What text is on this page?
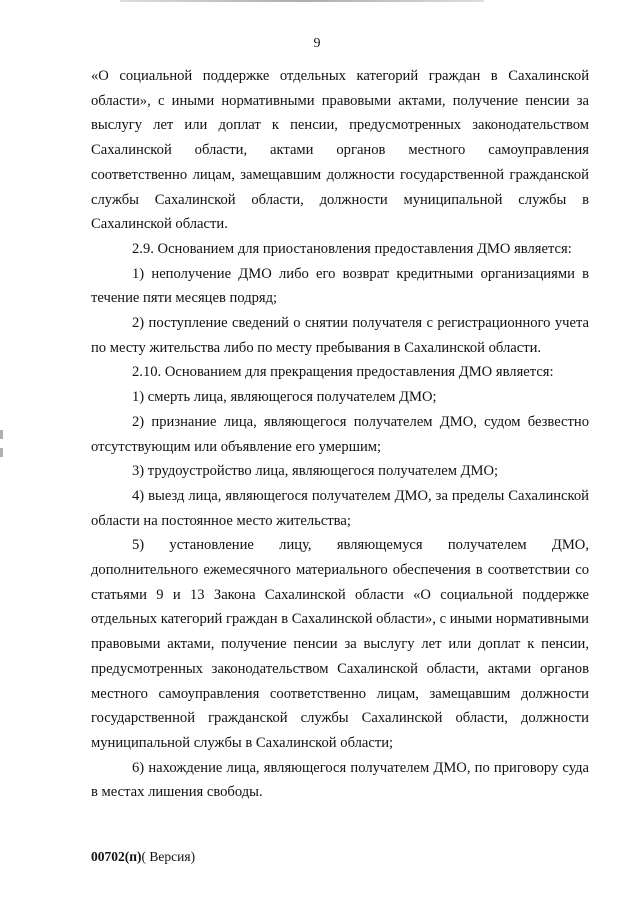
9

«О социальной поддержке отдельных категорий граждан в Сахалинской области», с иными нормативными правовыми актами, получение пенсии за выслугу лет или доплат к пенсии, предусмотренных законодательством Сахалинской области, актами органов местного самоуправления соответственно лицам, замещавшим должности государственной гражданской службы Сахалинской области, должности муниципальной службы в Сахалинской области.

2.9. Основанием для приостановления предоставления ДМО является:

1) неполучение ДМО либо его возврат кредитными организациями в течение пяти месяцев подряд;

2) поступление сведений о снятии получателя с регистрационного учета по месту жительства либо по месту пребывания в Сахалинской области.

2.10. Основанием для прекращения предоставления ДМО является:

1) смерть лица, являющегося получателем ДМО;

2) признание лица, являющегося получателем ДМО, судом безвестно отсутствующим или объявление его умершим;

3) трудоустройство лица, являющегося получателем ДМО;

4) выезд лица, являющегося получателем ДМО, за пределы Сахалинской области на постоянное место жительства;

5) установление лицу, являющемуся получателем ДМО, дополнительного ежемесячного материального обеспечения в соответствии со статьями 9 и 13 Закона Сахалинской области «О социальной поддержке отдельных категорий граждан в Сахалинской области», с иными нормативными правовыми актами, получение пенсии за выслугу лет или доплат к пенсии, предусмотренных законодательством Сахалинской области, актами органов местного самоуправления соответственно лицам, замещавшим должности государственной гражданской службы Сахалинской области, должности муниципальной службы в Сахалинской области;

6) нахождение лица, являющегося получателем ДМО, по приговору суда в местах лишения свободы.

00702(п)( Версия)
